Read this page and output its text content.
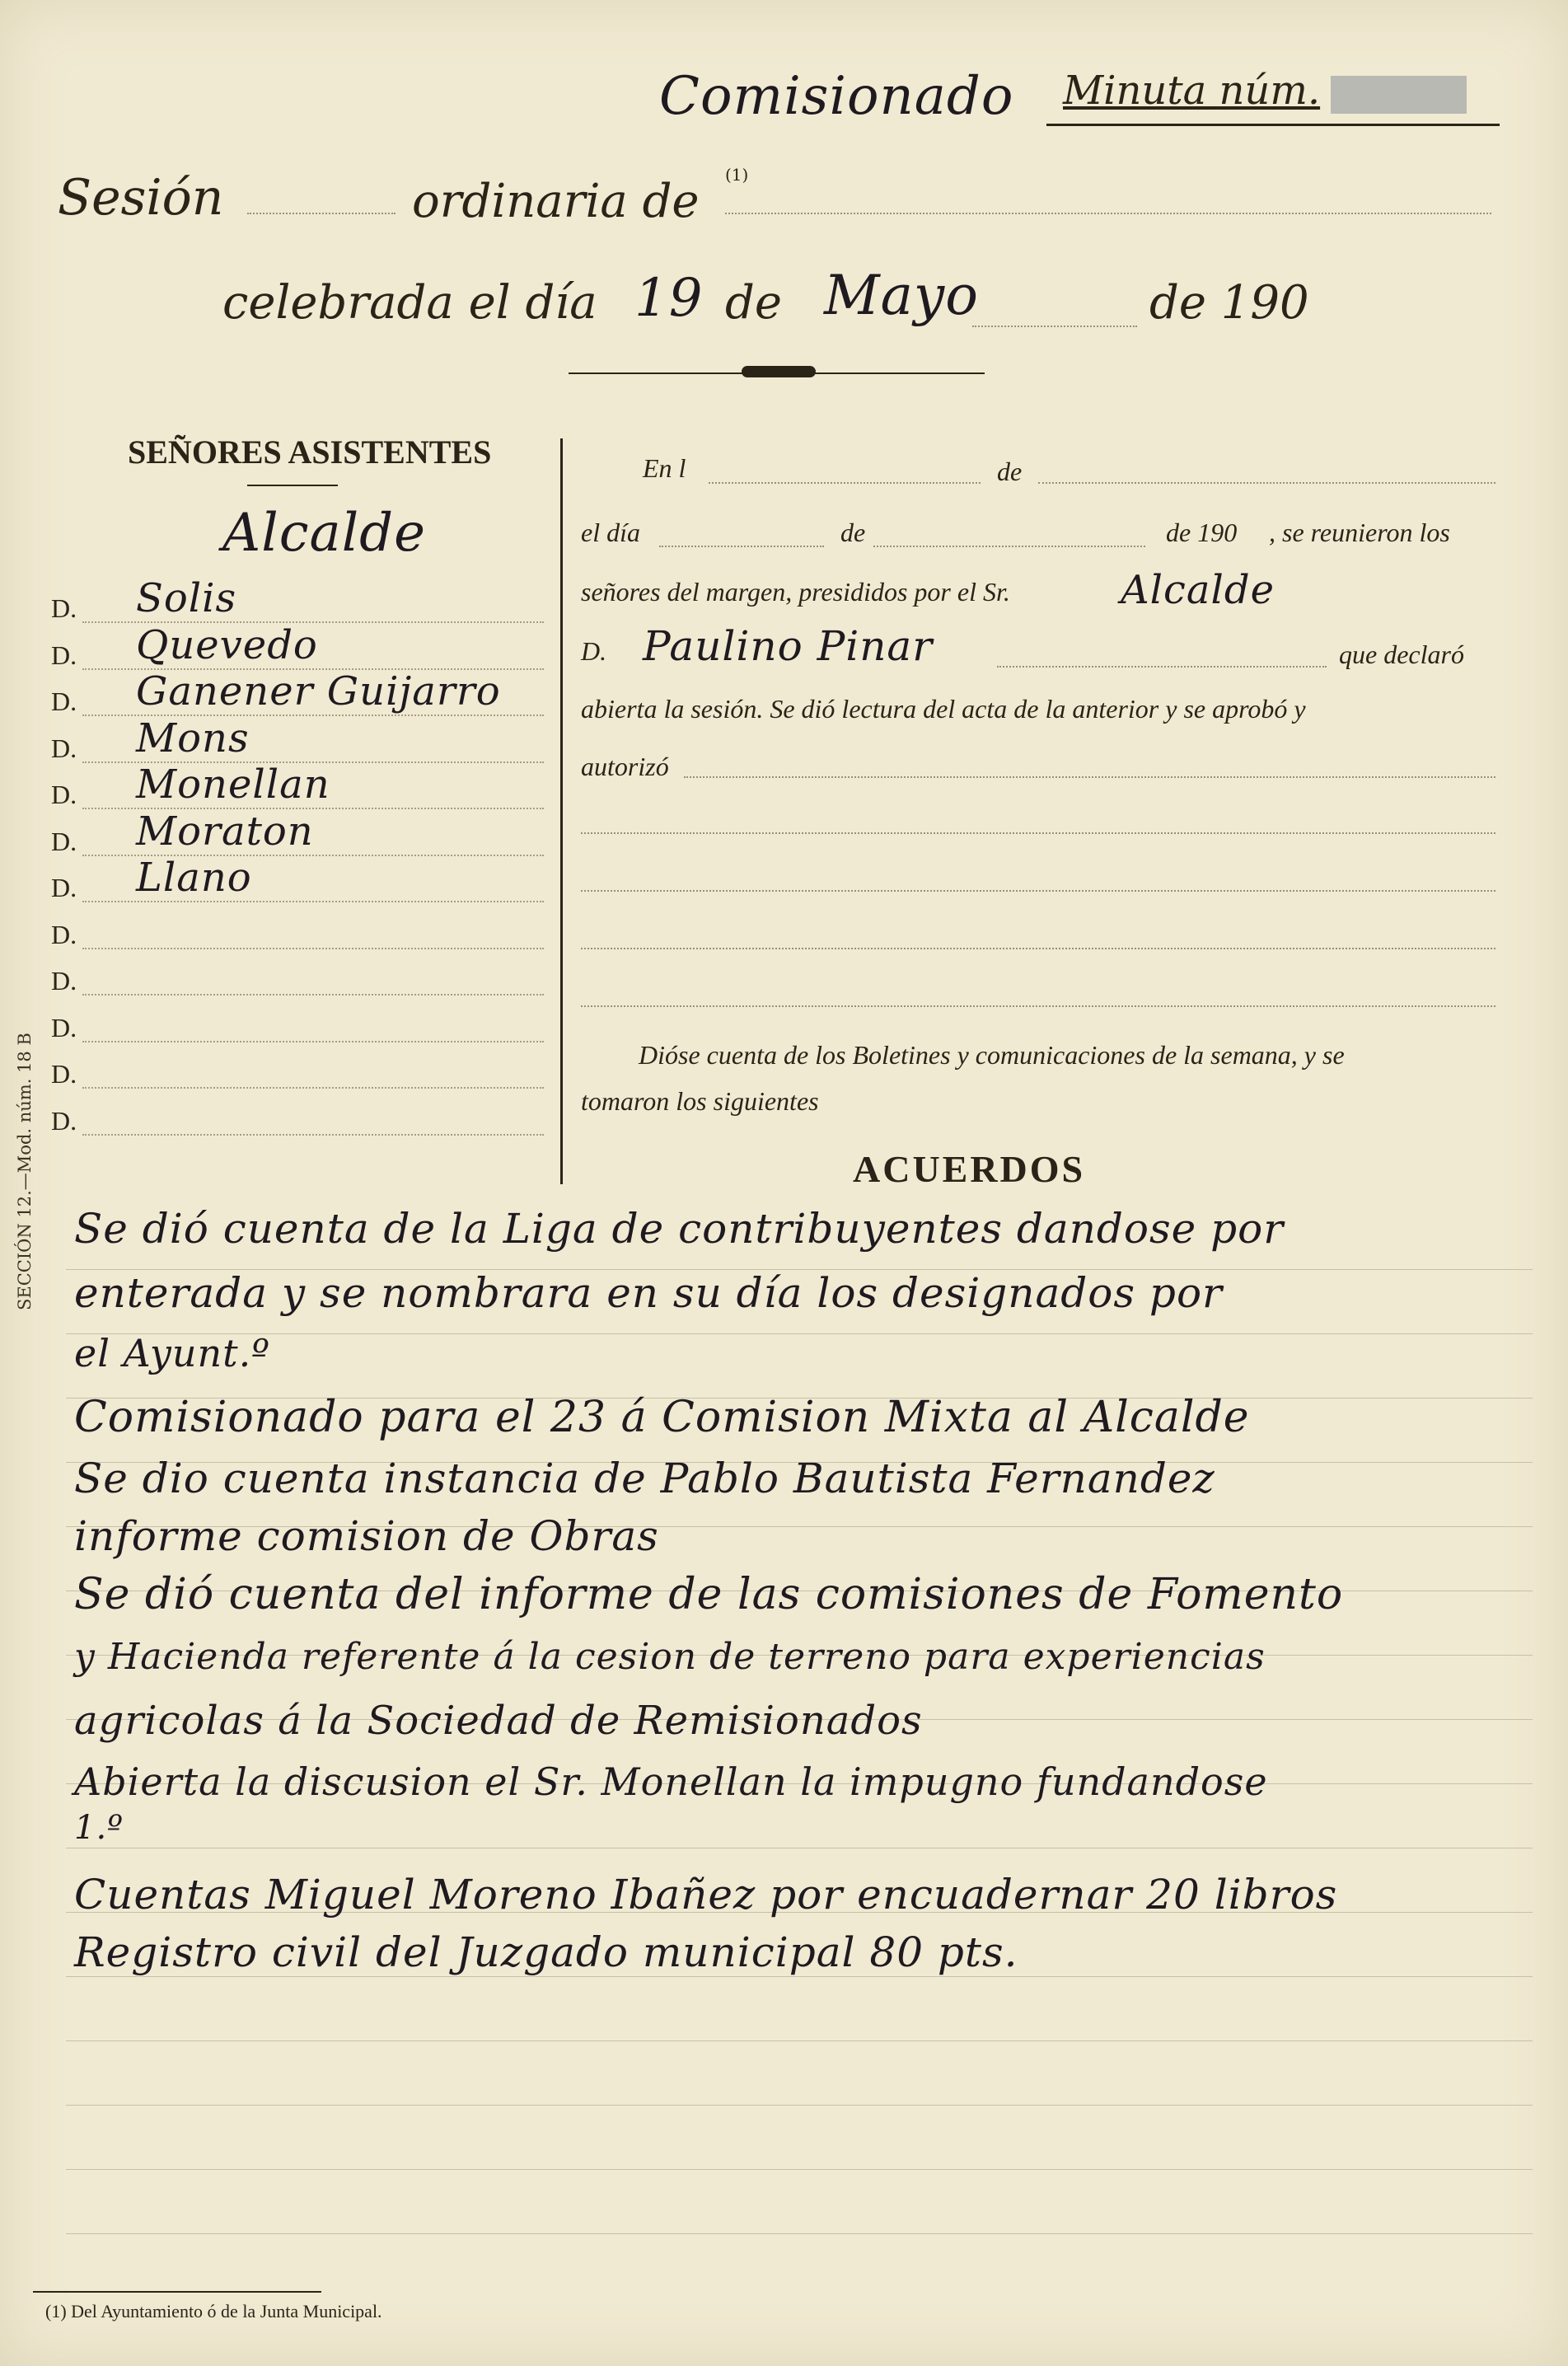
SECCIÓN 12.—Mod. núm. 18 B
Comisionado Minuta núm.
Sesión	ordinaria de (1)
celebrada el día 19 de Mayo	de 190
SEÑORES ASISTENTES
Alcalde
D. Solis
D. Quevedo
D. Ganener Guijarro
D. Mons
D. Monellan
D. Moraton
D. Llano
D.
D.
D.
D.
D.
En l	de
el día	de	de 190 , se reunieron los
señores del margen, presididos por el Sr.	Alcalde
D. Paulino Pinar	que declaró
abierta la sesión. Se dió lectura del acta de la anterior y se aprobó y
autorizó
Dióse cuenta de los Boletines y comunicaciones de la semana, y se
tomaron los siguientes
ACUERDOS
Se dió cuenta de la Liga de contribuyentes dandose por
enterada y se nombrara en su día los designados por
el Ayunt.º
Comisionado para el 23 á Comision Mixta al Alcalde
Se dio cuenta instancia de Pablo Bautista Fernandez
informe comision de Obras
Se dió cuenta del informe de las comisiones de Fomento
y Hacienda referente á la cesion de terreno para experiencias
agricolas á la Sociedad de Remisionados
Abierta la discusion el Sr. Monellan la impugno fundandose
1.º
Cuentas Miguel Moreno Ibañez por encuadernar 20 libros
Registro civil del Juzgado municipal 80 pts.
(1) Del Ayuntamiento ó de la Junta Municipal.
